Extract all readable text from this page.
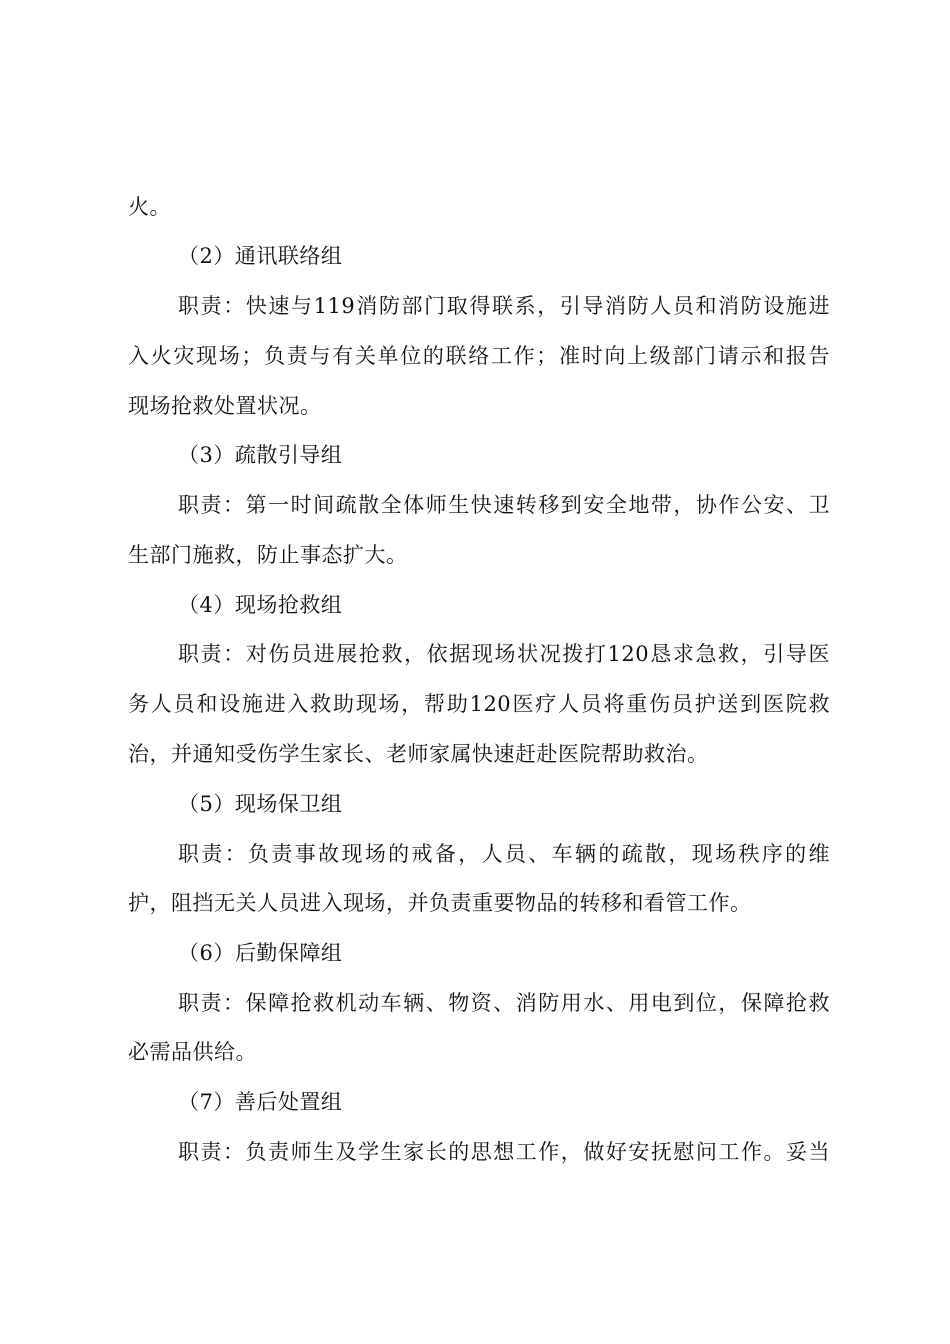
火。
（2）通讯联络组
职责：快速与119消防部门取得联系，引导消防人员和消防设施进
入火灾现场；负责与有关单位的联络工作；准时向上级部门请示和报告
现场抢救处置状况。
（3）疏散引导组
职责：第一时间疏散全体师生快速转移到安全地带，协作公安、卫
生部门施救，防止事态扩大。
（4）现场抢救组
职责：对伤员进展抢救，依据现场状况拨打120恳求急救，引导医
务人员和设施进入救助现场，帮助120医疗人员将重伤员护送到医院救
治，并通知受伤学生家长、老师家属快速赶赴医院帮助救治。
（5）现场保卫组
职责：负责事故现场的戒备，人员、车辆的疏散，现场秩序的维
护，阻挡无关人员进入现场，并负责重要物品的转移和看管工作。
（6）后勤保障组
职责：保障抢救机动车辆、物资、消防用水、用电到位，保障抢救
必需品供给。
（7）善后处置组
职责：负责师生及学生家长的思想工作，做好安抚慰问工作。妥当
